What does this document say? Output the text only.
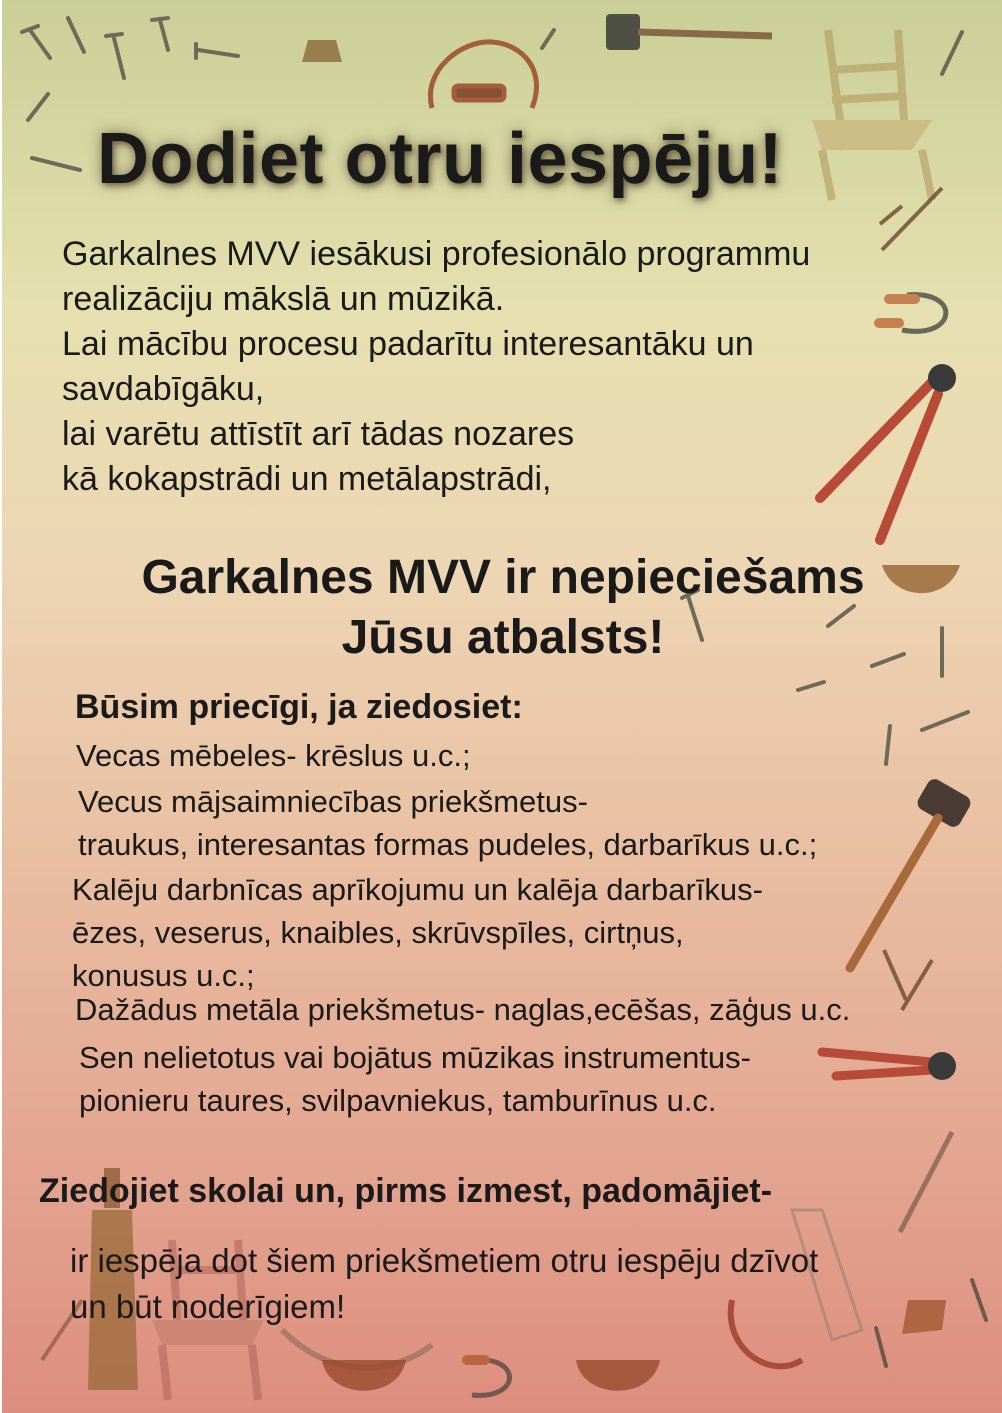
Dodiet otru iespēju!
Garkalnes MVV iesākusi profesionālo programmu
realizāciju mākslā un mūzikā.
Lai mācību procesu padarītu interesantāku un
savdabīgāku,
lai varētu attīstīt arī tādas nozares
kā kokapstrādi un metālapstrādi,
Garkalnes MVV ir nepieciešams
Jūsu atbalsts!
Būsim priecīgi, ja ziedosiet:
Vecas mēbeles- krēslus u.c.;
Vecus mājsaimniecības priekšmetus-
traukus, interesantas formas pudeles, darbarīkus u.c.;
Kalēju darbnīcas aprīkojumu un kalēja darbarīkus-
ēzes, veserus, knaibles, skrūvspīles, cirtņus,
konusus u.c.;
Dažādus metāla priekšmetus- naglas,ecēšas, zāģus u.c.
Sen nelietotus vai bojātus mūzikas instrumentus-
pionieru taures, svilpavniekus, tamburīnus u.c.
Ziedojiet skolai un, pirms izmest, padomājiet-
ir iespēja dot šiem priekšmetiem otru iespēju dzīvot
un būt noderīgiem!
